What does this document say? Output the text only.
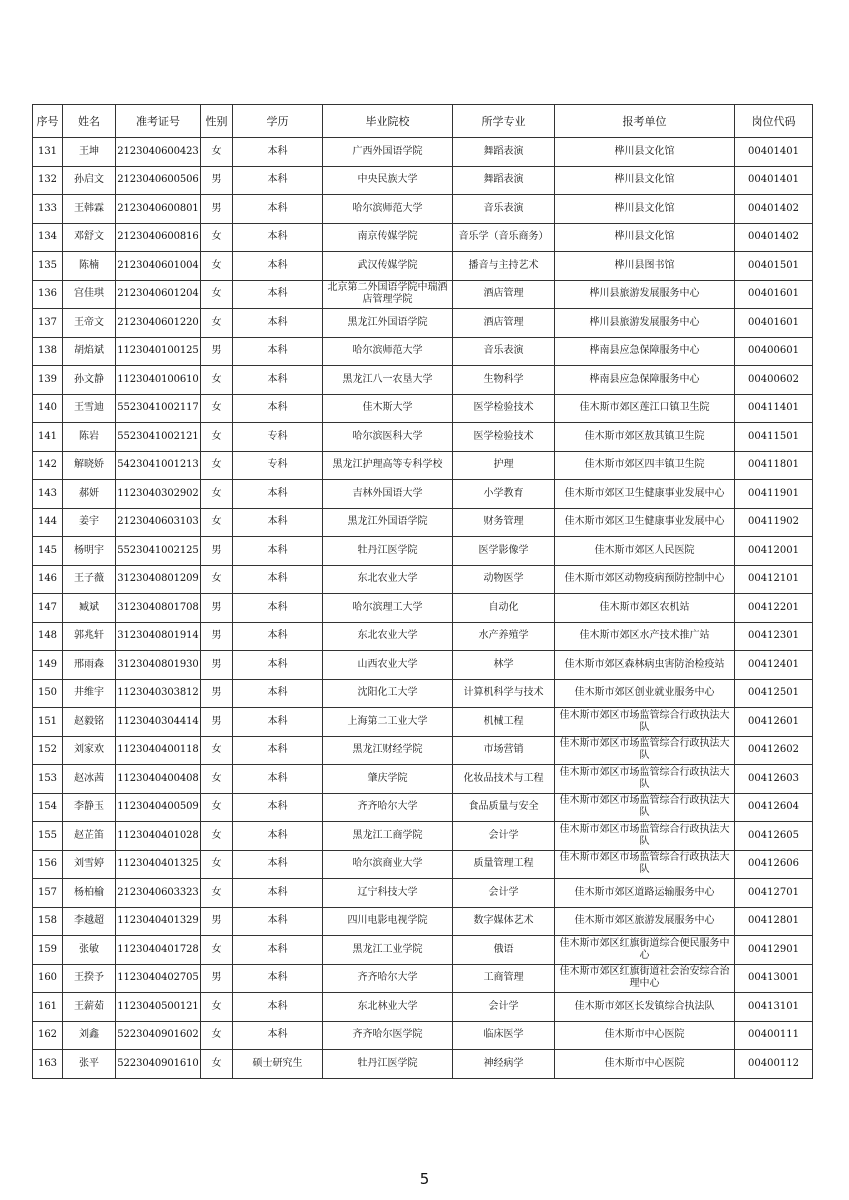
序号	姓名	准考证号	性别	学历	毕业院校	所学专业	报考单位	岗位代码
131	王坤	2123040600423	女	本科	广西外国语学院	舞蹈表演	桦川县文化馆	00401401
132	孙启文	2123040600506	男	本科	中央民族大学	舞蹈表演	桦川县文化馆	00401401
133	王韩霖	2123040600801	男	本科	哈尔滨师范大学	音乐表演	桦川县文化馆	00401402
134	邓舒文	2123040600816	女	本科	南京传媒学院	音乐学（音乐商务）	桦川县文化馆	00401402
135	陈楠	2123040601004	女	本科	武汉传媒学院	播音与主持艺术	桦川县图书馆	00401501
136	宫佳琪	2123040601204	女	本科	北京第二外国语学院中瑞酒店管理学院	酒店管理	桦川县旅游发展服务中心	00401601
137	王帝文	2123040601220	女	本科	黑龙江外国语学院	酒店管理	桦川县旅游发展服务中心	00401601
138	胡焰斌	1123040100125	男	本科	哈尔滨师范大学	音乐表演	桦南县应急保障服务中心	00400601
139	孙文静	1123040100610	女	本科	黑龙江八一农垦大学	生物科学	桦南县应急保障服务中心	00400602
140	王雪迪	5523041002117	女	本科	佳木斯大学	医学检验技术	佳木斯市郊区莲江口镇卫生院	00411401
141	陈岩	5523041002121	女	专科	哈尔滨医科大学	医学检验技术	佳木斯市郊区敖其镇卫生院	00411501
142	解晓娇	5423041001213	女	专科	黑龙江护理高等专科学校	护理	佳木斯市郊区四丰镇卫生院	00411801
143	郝妍	1123040302902	女	本科	吉林外国语大学	小学教育	佳木斯市郊区卫生健康事业发展中心	00411901
144	姜宇	2123040603103	女	本科	黑龙江外国语学院	财务管理	佳木斯市郊区卫生健康事业发展中心	00411902
145	杨明宇	5523041002125	男	本科	牡丹江医学院	医学影像学	佳木斯市郊区人民医院	00412001
146	王子薇	3123040801209	女	本科	东北农业大学	动物医学	佳木斯市郊区动物疫病预防控制中心	00412101
147	臧斌	3123040801708	男	本科	哈尔滨理工大学	自动化	佳木斯市郊区农机站	00412201
148	郭兆轩	3123040801914	男	本科	东北农业大学	水产养殖学	佳木斯市郊区水产技术推广站	00412301
149	邢雨森	3123040801930	男	本科	山西农业大学	林学	佳木斯市郊区森林病虫害防治检疫站	00412401
150	井维宇	1123040303812	男	本科	沈阳化工大学	计算机科学与技术	佳木斯市郊区创业就业服务中心	00412501
151	赵毅铭	1123040304414	男	本科	上海第二工业大学	机械工程	佳木斯市郊区市场监管综合行政执法大队	00412601
152	刘家欢	1123040400118	女	本科	黑龙江财经学院	市场营销	佳木斯市郊区市场监管综合行政执法大队	00412602
153	赵冰茜	1123040400408	女	本科	肇庆学院	化妆品技术与工程	佳木斯市郊区市场监管综合行政执法大队	00412603
154	李静玉	1123040400509	女	本科	齐齐哈尔大学	食品质量与安全	佳木斯市郊区市场监管综合行政执法大队	00412604
155	赵芷笛	1123040401028	女	本科	黑龙江工商学院	会计学	佳木斯市郊区市场监管综合行政执法大队	00412605
156	刘雪婷	1123040401325	女	本科	哈尔滨商业大学	质量管理工程	佳木斯市郊区市场监管综合行政执法大队	00412606
157	杨柏榆	2123040603323	女	本科	辽宁科技大学	会计学	佳木斯市郊区道路运输服务中心	00412701
158	李越超	1123040401329	男	本科	四川电影电视学院	数字媒体艺术	佳木斯市郊区旅游发展服务中心	00412801
159	张敏	1123040401728	女	本科	黑龙江工业学院	俄语	佳木斯市郊区红旗街道综合便民服务中心	00412901
160	王揆予	1123040402705	男	本科	齐齐哈尔大学	工商管理	佳木斯市郊区红旗街道社会治安综合治理中心	00413001
161	王薪茹	1123040500121	女	本科	东北林业大学	会计学	佳木斯市郊区长发镇综合执法队	00413101
162	刘鑫	5223040901602	女	本科	齐齐哈尔医学院	临床医学	佳木斯市中心医院	00400111
163	张平	5223040901610	女	硕士研究生	牡丹江医学院	神经病学	佳木斯市中心医院	00400112
5
